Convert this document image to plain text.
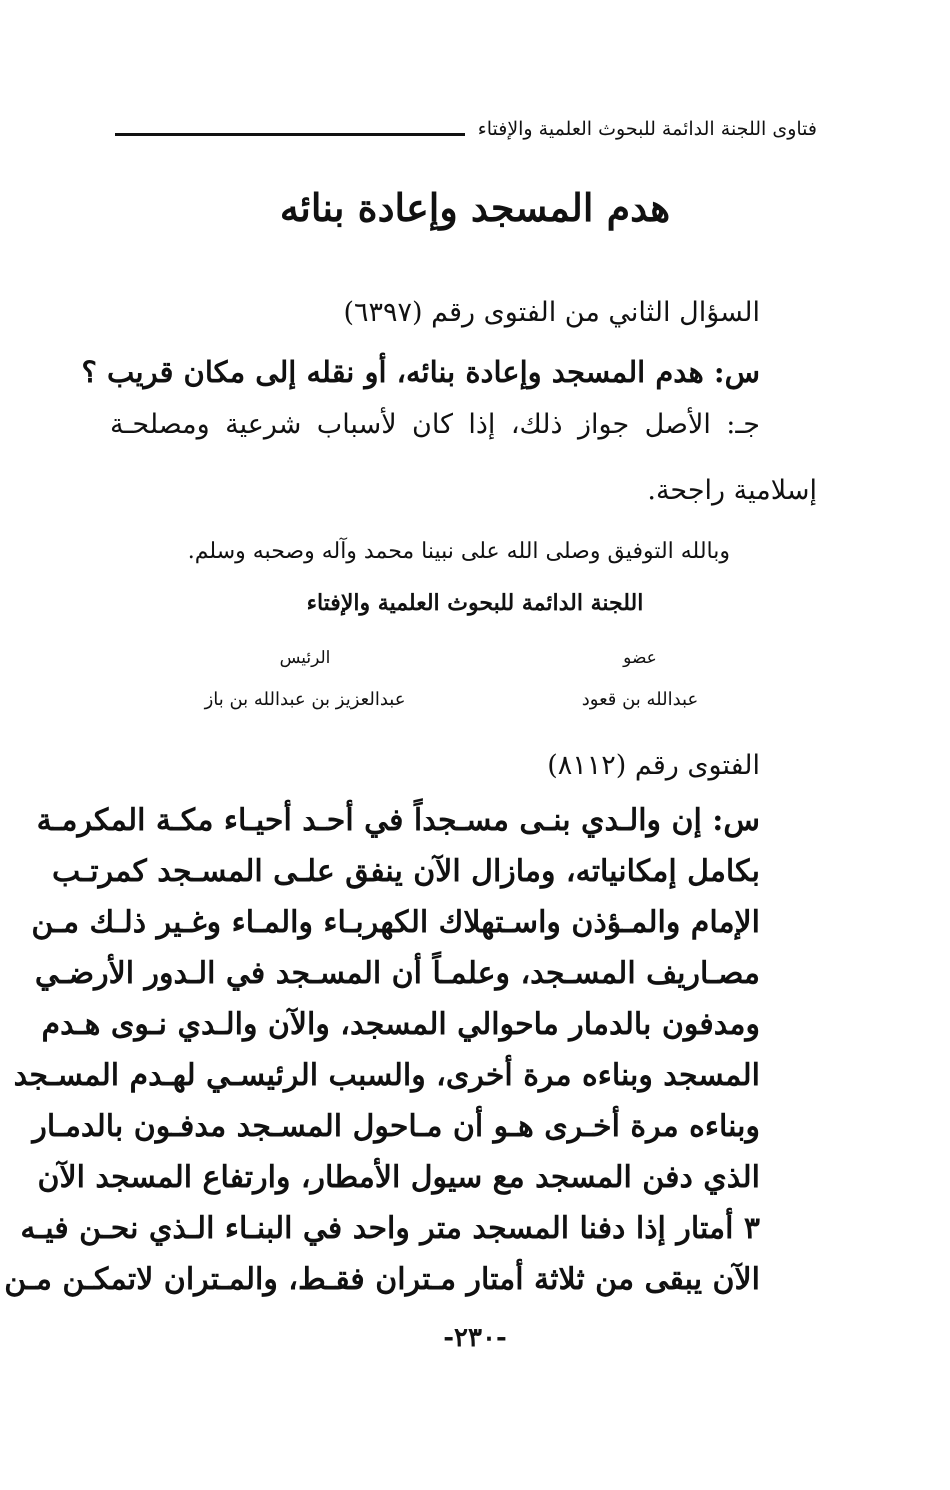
فتاوى اللجنة الدائمة للبحوث العلمية والإفتاء
هدم المسجد وإعادة بنائه
السؤال الثاني من الفتوى رقم (٦٣٩٧)
س: هدم المسجد وإعادة بنائه، أو نقله إلى مكان قريب ؟
جـ: الأصل جواز ذلك، إذا كان لأسباب شرعية ومصلحـة
إسلامية راجحة.
وبالله التوفيق وصلى الله على نبينا محمد وآله وصحبه وسلم.
اللجنة الدائمة للبحوث العلمية والإفتاء
عضو
الرئيس
عبدالله بن قعود
عبدالعزيز بن عبدالله بن باز
الفتوى رقم (٨١١٢)
س: إن والـدي بنـى مسـجداً في أحـد أحيـاء مكـة المكرمـة
بكامل إمكانياته، ومازال الآن ينفق علـى المسـجد كمرتـب
الإمام والمـؤذن واسـتهلاك الكهربـاء والمـاء وغـير ذلـك مـن
مصـاريف المسـجد، وعلمـاً أن المسـجد في الـدور الأرضـي
ومدفون بالدمار ماحوالي المسجد، والآن والـدي نـوى هـدم
المسجد وبناءه مرة أخرى، والسبب الرئيسـي لهـدم المسـجد
وبناءه مرة أخـرى هـو أن مـاحول المسـجد مدفـون بالدمـار
الذي دفن المسجد مع سيول الأمطار، وارتفاع المسجد الآن
٣ أمتار إذا دفنا المسجد متر واحد في البنـاء الـذي نحـن فيـه
الآن يبقى من ثلاثة أمتار مـتران فقـط، والمـتران لاتمكـن مـن
-٢٣٠-
